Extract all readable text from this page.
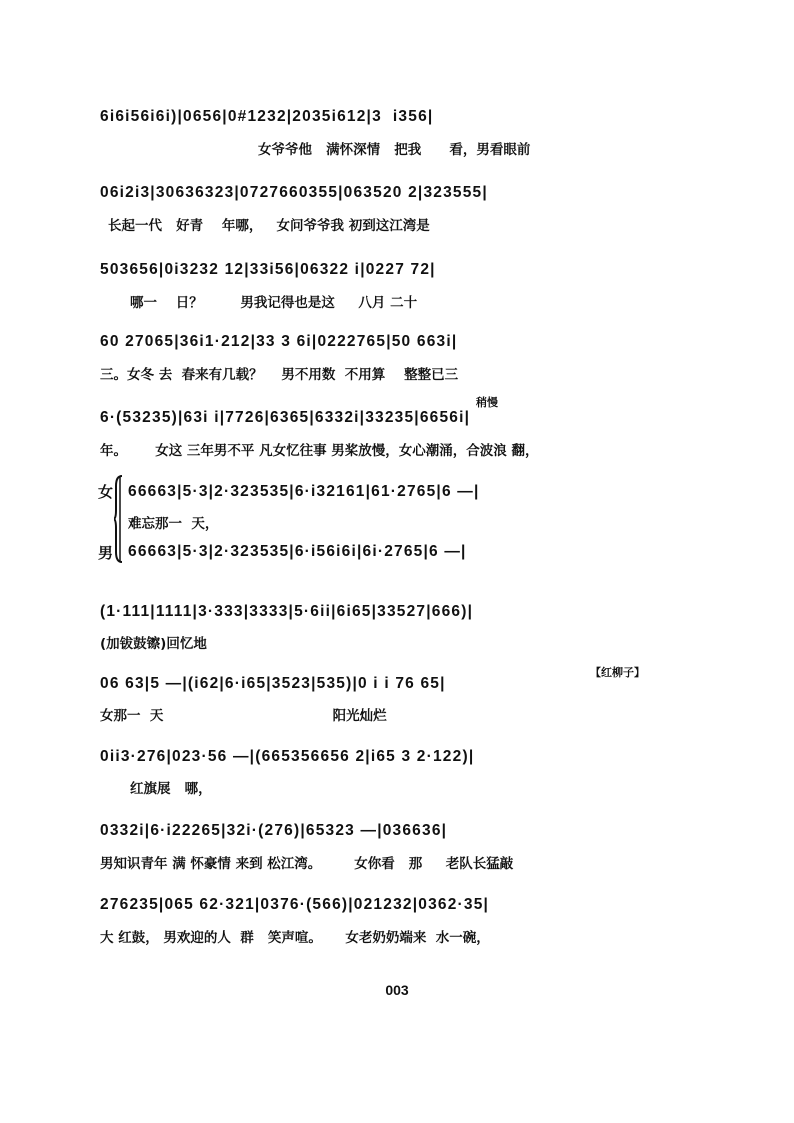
6i6i56i6i)|0656|0#1232|2035i612|3  i356|
女爷爷他   满怀深情   把我      看，男看眼前
06i2i3|30636323|0727660355|063520 2|323555|
长起一代   好青    年哪，   女问爷爷我 初到这江湾是
503656|0i3232 12|33i56|06322 i|0227 72|
哪一    日？        男我记得也是这     八月 二十
60 27065|36i1·212|33 3 6i|0222765|50 663i|
三。女冬 去  春来有几载？    男不用数  不用算    整整已三
稍慢
6·(53235)|63i i|7726|6365|6332i|33235|6656i|
年。      女这 三年男不平 凡女忆往事 男桨放慢，女心潮涌，合波浪 翻，
女
男
66663|5·3|2·323535|6·i32161|61·2765|6 —|
难忘那一  天，
66663|5·3|2·323535|6·i56i6i|6i·2765|6 —|
(1·111|1111|3·333|3333|5·6ii|6i65|33527|666)|
(加钹鼓镲)回忆地
【红柳子】
06 63|5 —|(i62|6·i65|3523|535)|0 i i 76 65|
女那一  天                                    阳光灿烂
0ii3·276|023·56 —|(665356656 2|i65 3 2·122)|
红旗展   哪，
0332i|6·i22265|32i·(276)|65323 —|036636|
男知识青年 满 怀豪情 来到 松江湾。       女你看   那     老队长猛敲
276235|065 62·321|0376·(566)|021232|0362·35|
大 红鼓， 男欢迎的人  群   笑声喧。     女老奶奶端来  水一碗，
003
